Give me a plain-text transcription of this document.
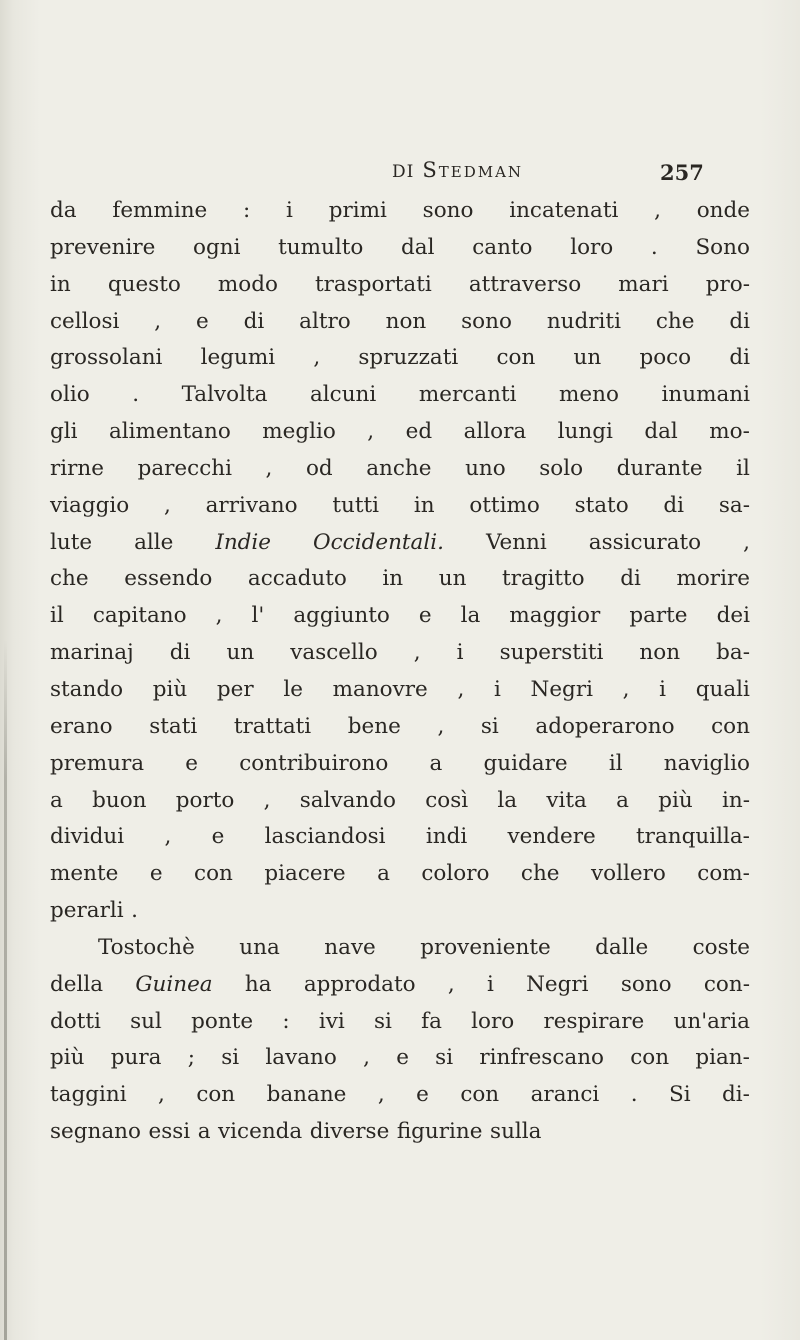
DI Stedman	257
da femmine : i primi sono incatenati , onde
prevenire ogni tumulto dal canto loro . Sono
in questo modo trasportati attraverso mari pro-
cellosi , e di altro non sono nudriti che di
grossolani legumi , spruzzati con un poco di
olio . Talvolta alcuni mercanti meno inumani
gli alimentano meglio , ed allora lungi dal mo-
rirne parecchi , od anche uno solo durante il
viaggio , arrivano tutti in ottimo stato di sa-
lute alle Indie Occidentali. Venni assicurato ,
che essendo accaduto in un tragitto di morire
il capitano , l' aggiunto e la maggior parte dei
marinaj di un vascello , i superstiti non ba-
stando più per le manovre , i Negri , i quali
erano stati trattati bene , si adoperarono con
premura e contribuirono a guidare il naviglio
a buon porto , salvando così la vita a più in-
dividui , e lasciandosi indi vendere tranquilla-
mente e con piacere a coloro che vollero com-
perarli .
Tostochè una nave proveniente dalle coste
della Guinea ha approdato , i Negri sono con-
dotti sul ponte : ivi si fa loro respirare un'aria
più pura ; si lavano , e si rinfrescano con pian-
taggini , con banane , e con aranci . Si di-
segnano essi a vicenda diverse figurine sulla
